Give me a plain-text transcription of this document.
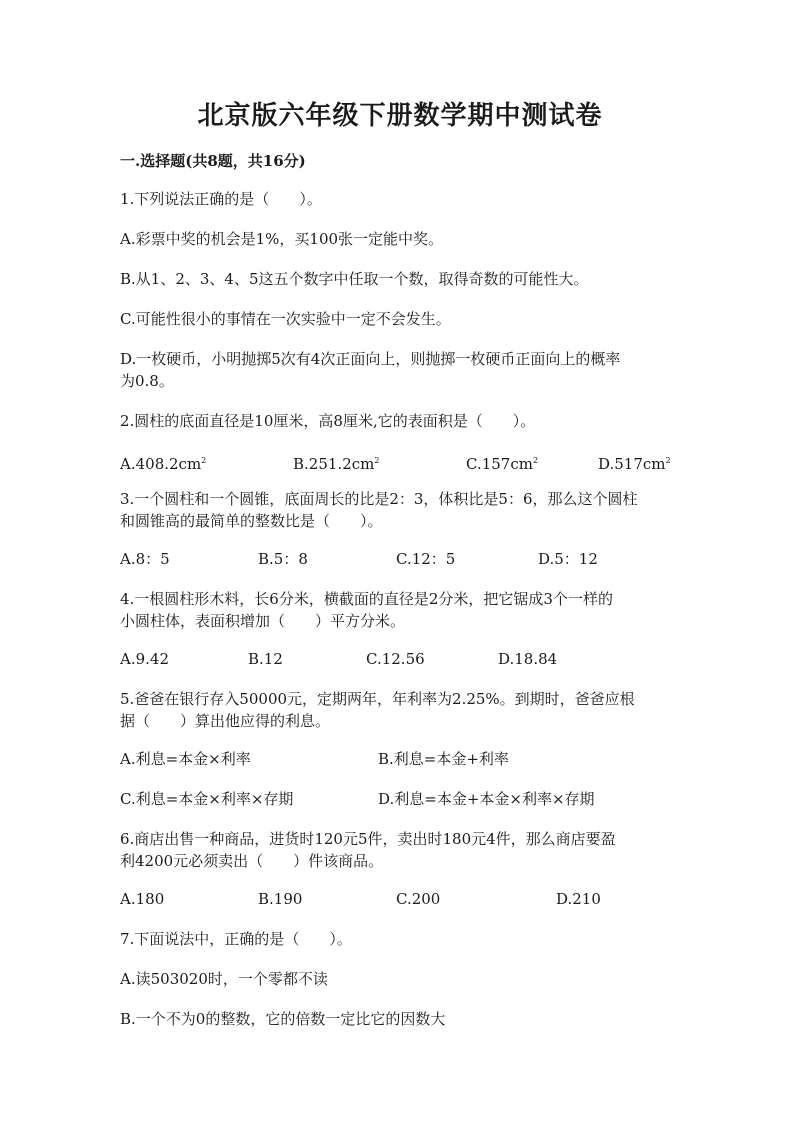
北京版六年级下册数学期中测试卷
一.选择题(共8题，共16分)
1.下列说法正确的是（　　）。
A.彩票中奖的机会是1%，买100张一定能中奖。
B.从1、2、3、4、5这五个数字中任取一个数，取得奇数的可能性大。
C.可能性很小的事情在一次实验中一定不会发生。
D.一枚硬币，小明抛掷5次有4次正面向上，则抛掷一枚硬币正面向上的概率
为0.8。
2.圆柱的底面直径是10厘米，高8厘米,它的表面积是（　　）。
$A.408.2cm^2$	$B.251.2cm^2$	$C.157cm^2$	$D.517cm^2$
3.一个圆柱和一个圆锥，底面周长的比是2：3，体积比是5：6，那么这个圆柱
和圆锥高的最简单的整数比是（　　）。
A.8：5	B.5：8	C.12：5	D.5：12
4.一根圆柱形木料，长6分米，横截面的直径是2分米，把它锯成3个一样的
小圆柱体，表面积增加（　　）平方分米。
A.9.42	B.12	C.12.56	D.18.84
5.爸爸在银行存入50000元，定期两年，年利率为2.25%。到期时，爸爸应根
据（　　）算出他应得的利息。
A.利息=本金×利率	B.利息=本金+利率
C.利息=本金×利率×存期	D.利息=本金+本金×利率×存期
6.商店出售一种商品，进货时120元5件，卖出时180元4件，那么商店要盈
利4200元必须卖出（　　）件该商品。
A.180	B.190	C.200	D.210
7.下面说法中，正确的是（　　）。
A.读503020时，一个零都不读
B.一个不为0的整数，它的倍数一定比它的因数大
